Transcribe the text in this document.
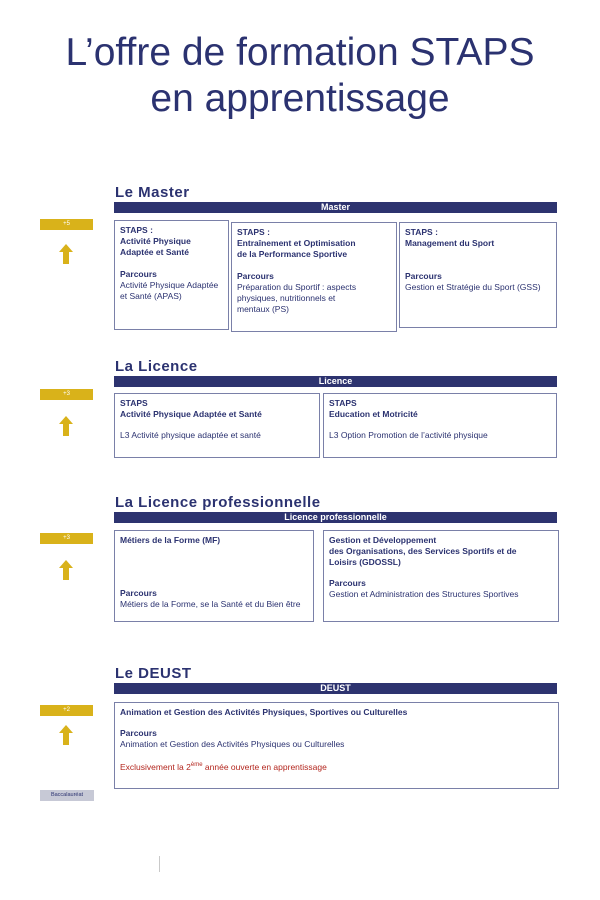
L’offre de formation STAPS
en apprentissage
Le Master
Master
+5
STAPS :
Activité Physique
Adaptée et Santé
Parcours
Activité Physique Adaptée
et Santé (APAS)
STAPS :
Entraînement et Optimisation
de la Performance Sportive
Parcours
Préparation du Sportif : aspects
physiques, nutritionnels et
mentaux (PS)
STAPS :
Management du Sport
Parcours
Gestion et Stratégie du Sport (GSS)
La Licence
Licence
+3
STAPS
Activité Physique Adaptée et Santé
L3 Activité physique adaptée et santé
STAPS
Education et Motricité
L3 Option Promotion de l’activité physique
La Licence professionnelle
Licence professionnelle
+3	Métiers de la Forme (MF)
Parcours
Métiers de la Forme, se la Santé et du Bien être
Gestion et Développement
des Organisations, des Services Sportifs et de
Loisirs (GDOSSL)
Parcours
Gestion et Administration des Structures Sportives
Le DEUST
DEUST
+2	Animation et Gestion des Activités Physiques, Sportives ou Culturelles
Parcours
Animation et Gestion des Activités Physiques ou Culturelles
Exclusivement la 2ème année ouverte en apprentissage
Baccalauréat
